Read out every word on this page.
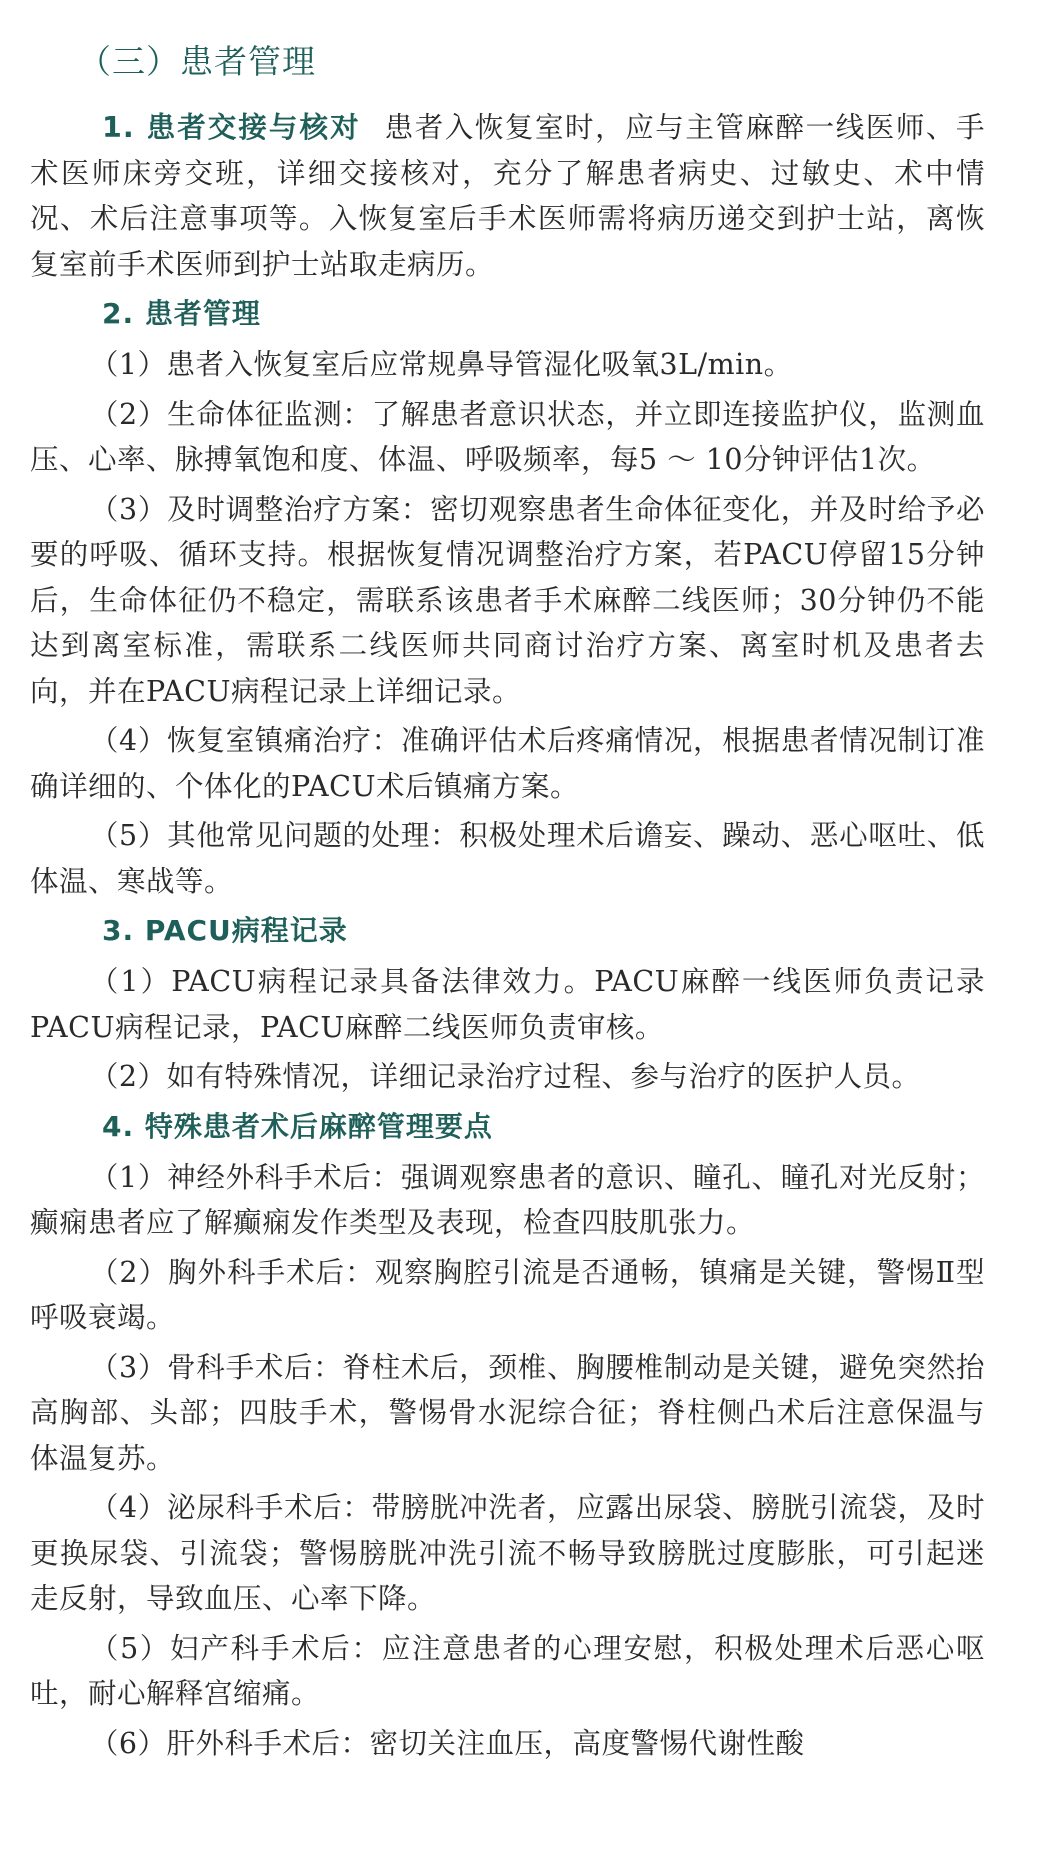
（三）患者管理

1. 患者交接与核对 患者入恢复室时，应与主管麻醉一线医师、手术医师床旁交班，详细交接核对，充分了解患者病史、过敏史、术中情况、术后注意事项等。入恢复室后手术医师需将病历递交到护士站，离恢复室前手术医师到护士站取走病历。

2. 患者管理

（1）患者入恢复室后应常规鼻导管湿化吸氧3L/min。

（2）生命体征监测：了解患者意识状态，并立即连接监护仪，监测血压、心率、脉搏氧饱和度、体温、呼吸频率，每5 ～ 10分钟评估1次。

（3）及时调整治疗方案：密切观察患者生命体征变化，并及时给予必要的呼吸、循环支持。根据恢复情况调整治疗方案，若PACU停留15分钟后，生命体征仍不稳定，需联系该患者手术麻醉二线医师；30分钟仍不能达到离室标准，需联系二线医师共同商讨治疗方案、离室时机及患者去向，并在PACU病程记录上详细记录。

（4）恢复室镇痛治疗：准确评估术后疼痛情况，根据患者情况制订准确详细的、个体化的PACU术后镇痛方案。

（5）其他常见问题的处理：积极处理术后谵妄、躁动、恶心呕吐、低体温、寒战等。

3. PACU病程记录

（1）PACU病程记录具备法律效力。PACU麻醉一线医师负责记录PACU病程记录，PACU麻醉二线医师负责审核。

（2）如有特殊情况，详细记录治疗过程、参与治疗的医护人员。

4. 特殊患者术后麻醉管理要点

（1）神经外科手术后：强调观察患者的意识、瞳孔、瞳孔对光反射；癫痫患者应了解癫痫发作类型及表现，检查四肢肌张力。

（2）胸外科手术后：观察胸腔引流是否通畅，镇痛是关键，警惕Ⅱ型呼吸衰竭。

（3）骨科手术后：脊柱术后，颈椎、胸腰椎制动是关键，避免突然抬高胸部、头部；四肢手术，警惕骨水泥综合征；脊柱侧凸术后注意保温与体温复苏。

（4）泌尿科手术后：带膀胱冲洗者，应露出尿袋、膀胱引流袋，及时更换尿袋、引流袋；警惕膀胱冲洗引流不畅导致膀胱过度膨胀，可引起迷走反射，导致血压、心率下降。

（5）妇产科手术后：应注意患者的心理安慰，积极处理术后恶心呕吐，耐心解释宫缩痛。

（6）肝外科手术后：密切关注血压，高度警惕代谢性酸
